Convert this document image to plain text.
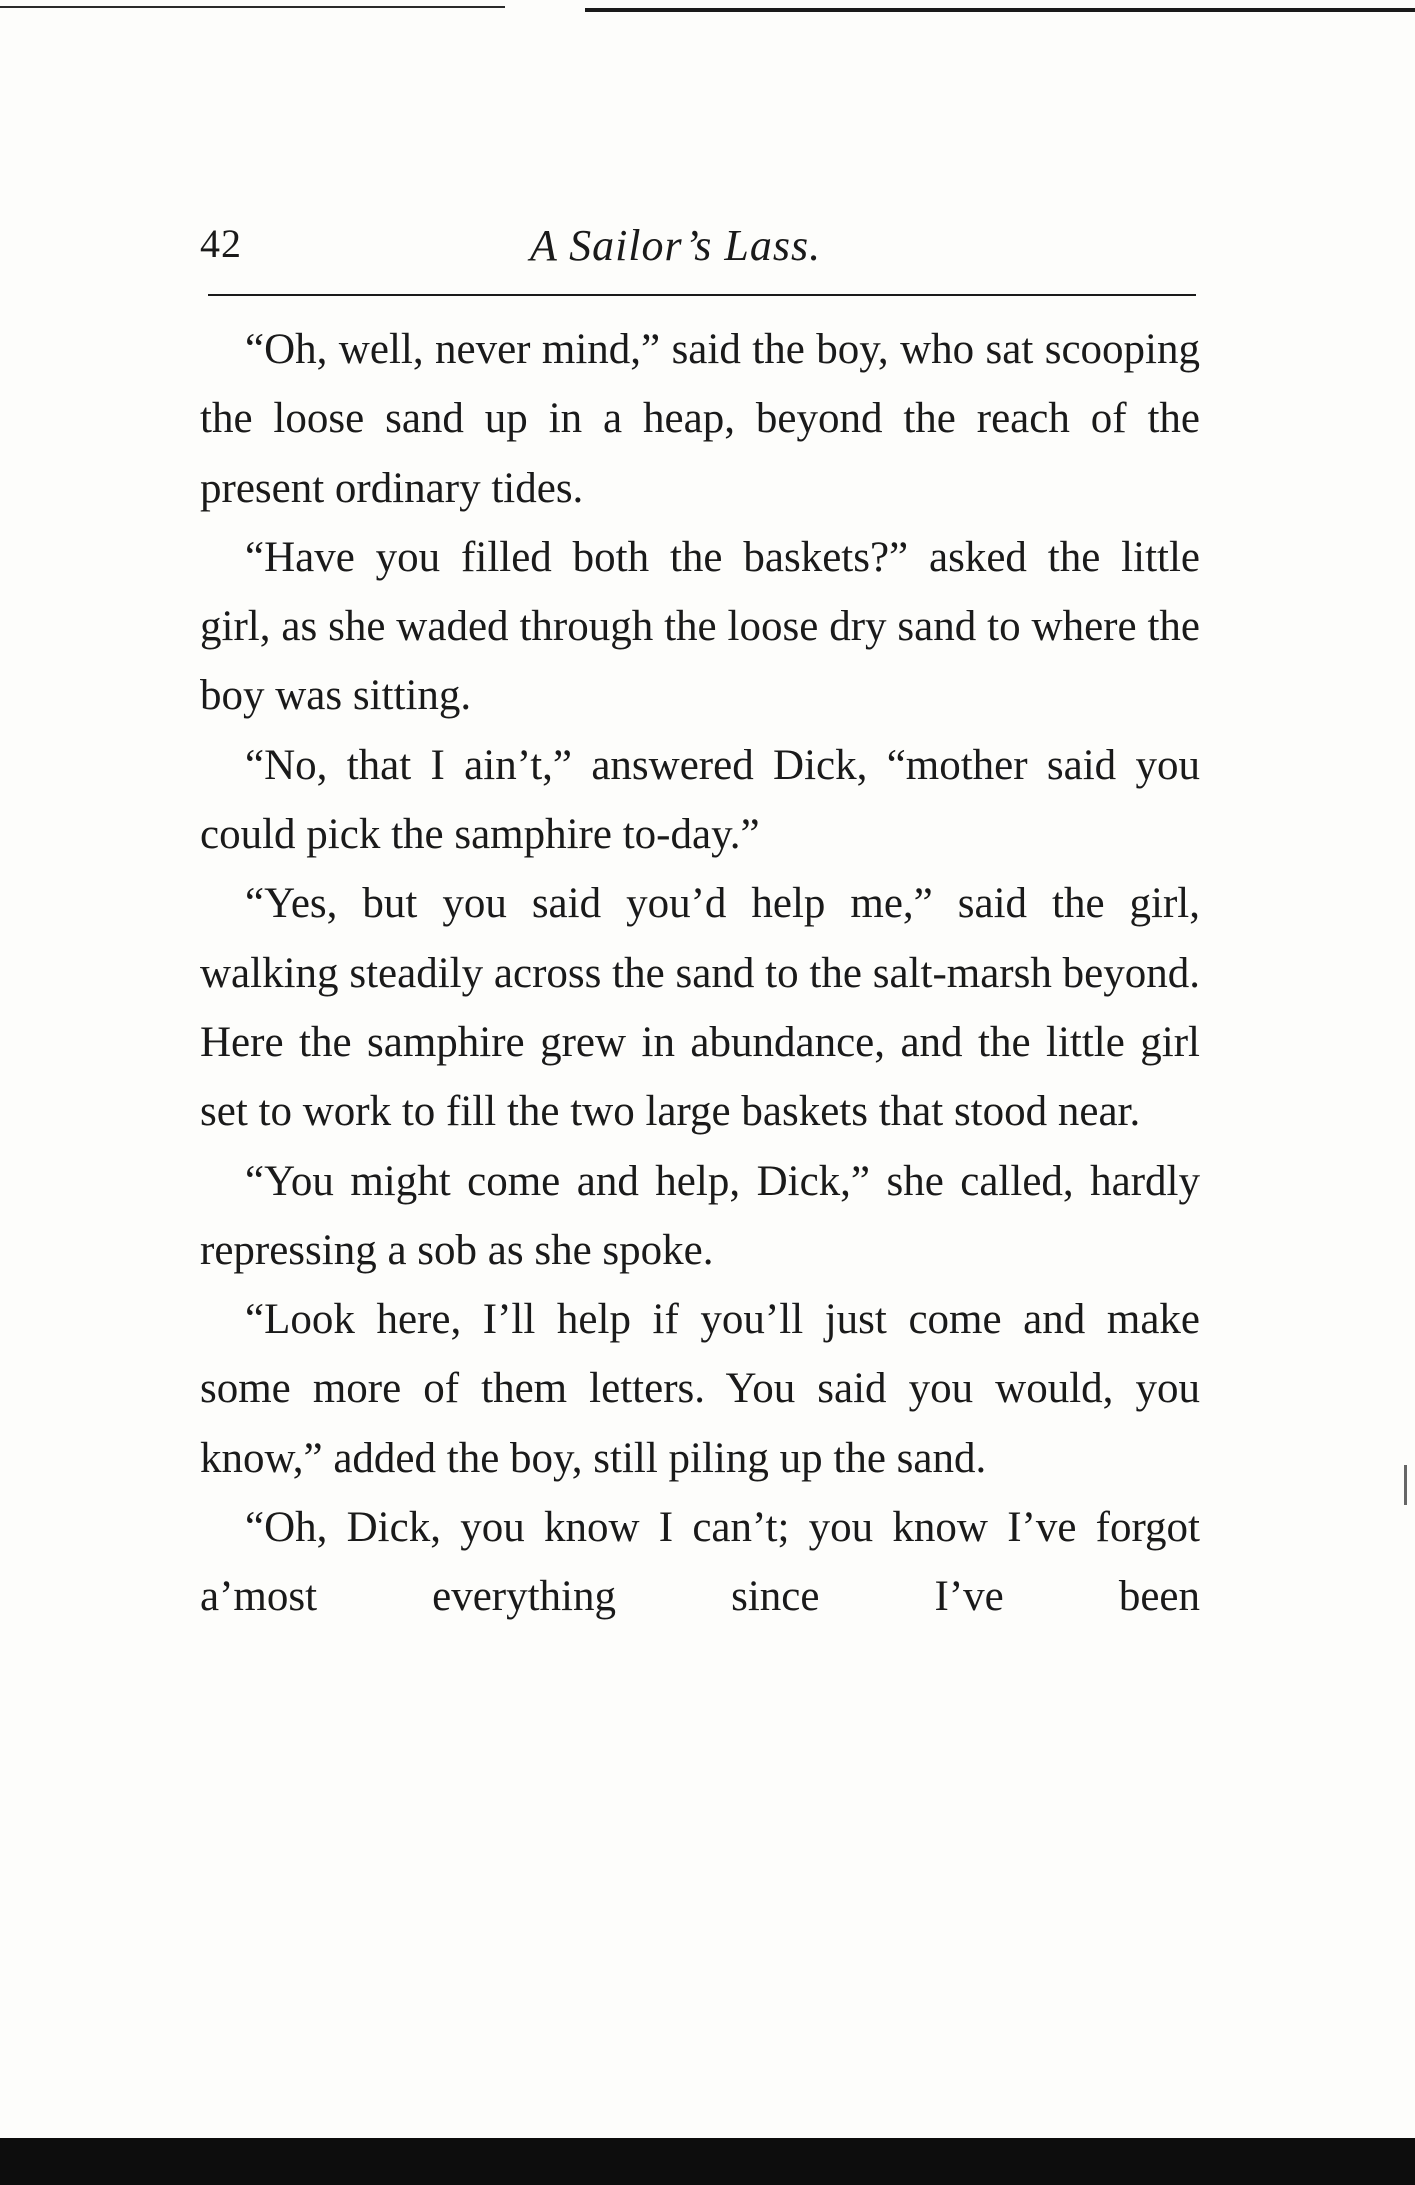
42	A Sailor’s Lass.

“Oh, well, never mind,” said the boy, who sat scooping the loose sand up in a heap, beyond the reach of the present ordinary tides.

“Have you filled both the baskets?” asked the little girl, as she waded through the loose dry sand to where the boy was sitting.

“No, that I ain’t,” answered Dick, “mother said you could pick the samphire to-day.”

“Yes, but you said you’d help me,” said the girl, walking steadily across the sand to the salt-marsh beyond. Here the samphire grew in abundance, and the little girl set to work to fill the two large baskets that stood near.

“You might come and help, Dick,” she called, hardly repressing a sob as she spoke.

“Look here, I’ll help if you’ll just come and make some more of them letters. You said you would, you know,” added the boy, still piling up the sand.

“Oh, Dick, you know I can’t; you know I’ve forgot a’most everything since I’ve been
